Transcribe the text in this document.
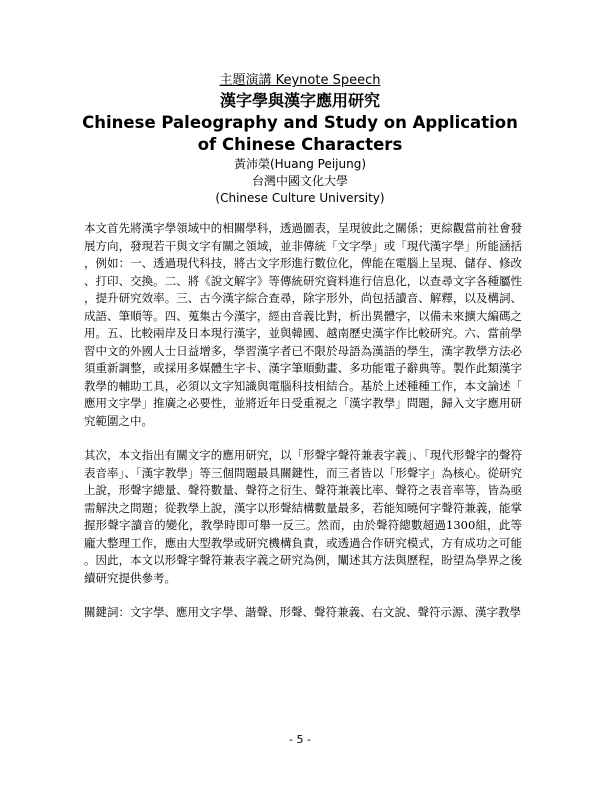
主題演講 Keynote Speech

漢字學與漢字應用研究

Chinese Paleography and Study on Application of Chinese Characters

黃沛榮(Huang Peijung)

台灣中國文化大學

(Chinese Culture University)

本文首先將漢字學領域中的相關學科，透過圖表，呈現彼此之關係；更綜觀當前社會發展方向，發現若干與文字有關之領域，並非傳統「文字學」或「現代漢字學」所能涵括，例如：一、透過現代科技，將古文字形進行數位化，俾能在電腦上呈現、儲存、修改、打印、交換。二、將《說文解字》等傳統研究資料進行信息化，以查尋文字各種屬性，提升研究效率。三、古今漢字綜合查尋，除字形外，尚包括讀音、解釋，以及構詞、成語、筆順等。四、蒐集古今漢字，經由音義比對，析出異體字，以備未來擴大編碼之用。五、比較兩岸及日本現行漢字，並與韓國、越南歷史漢字作比較研究。六、當前學習中文的外國人士日益增多，學習漢字者已不限於母語為漢語的學生，漢字教學方法必須重新調整，或採用多媒體生字卡、漢字筆順動畫、多功能電子辭典等。製作此類漢字教學的輔助工具，必須以文字知識與電腦科技相結合。基於上述種種工作，本文論述「應用文字學」推廣之必要性，並將近年日受重視之「漢字教學」問題，歸入文字應用研究範圍之中。

其次，本文指出有關文字的應用研究，以「形聲字聲符兼表字義」、「現代形聲字的聲符表音率」、「漢字教學」等三個問題最具關鍵性，而三者皆以「形聲字」為核心。從研究上說，形聲字總量、聲符數量、聲符之衍生、聲符兼義比率、聲符之表音率等，皆為亟需解決之問題；從教學上說，漢字以形聲結構數量最多，若能知曉何字聲符兼義，能掌握形聲字讀音的變化，教學時即可舉一反三。然而，由於聲符總數超過1300組，此等龐大整理工作，應由大型教學或研究機構負責，或透過合作研究模式，方有成功之可能。因此，本文以形聲字聲符兼表字義之研究為例，闡述其方法與歷程，盼望為學界之後續研究提供參考。

關鍵詞：文字學、應用文字學、諧聲、形聲、聲符兼義、右文說、聲符示源、漢字教學

- 5 -
